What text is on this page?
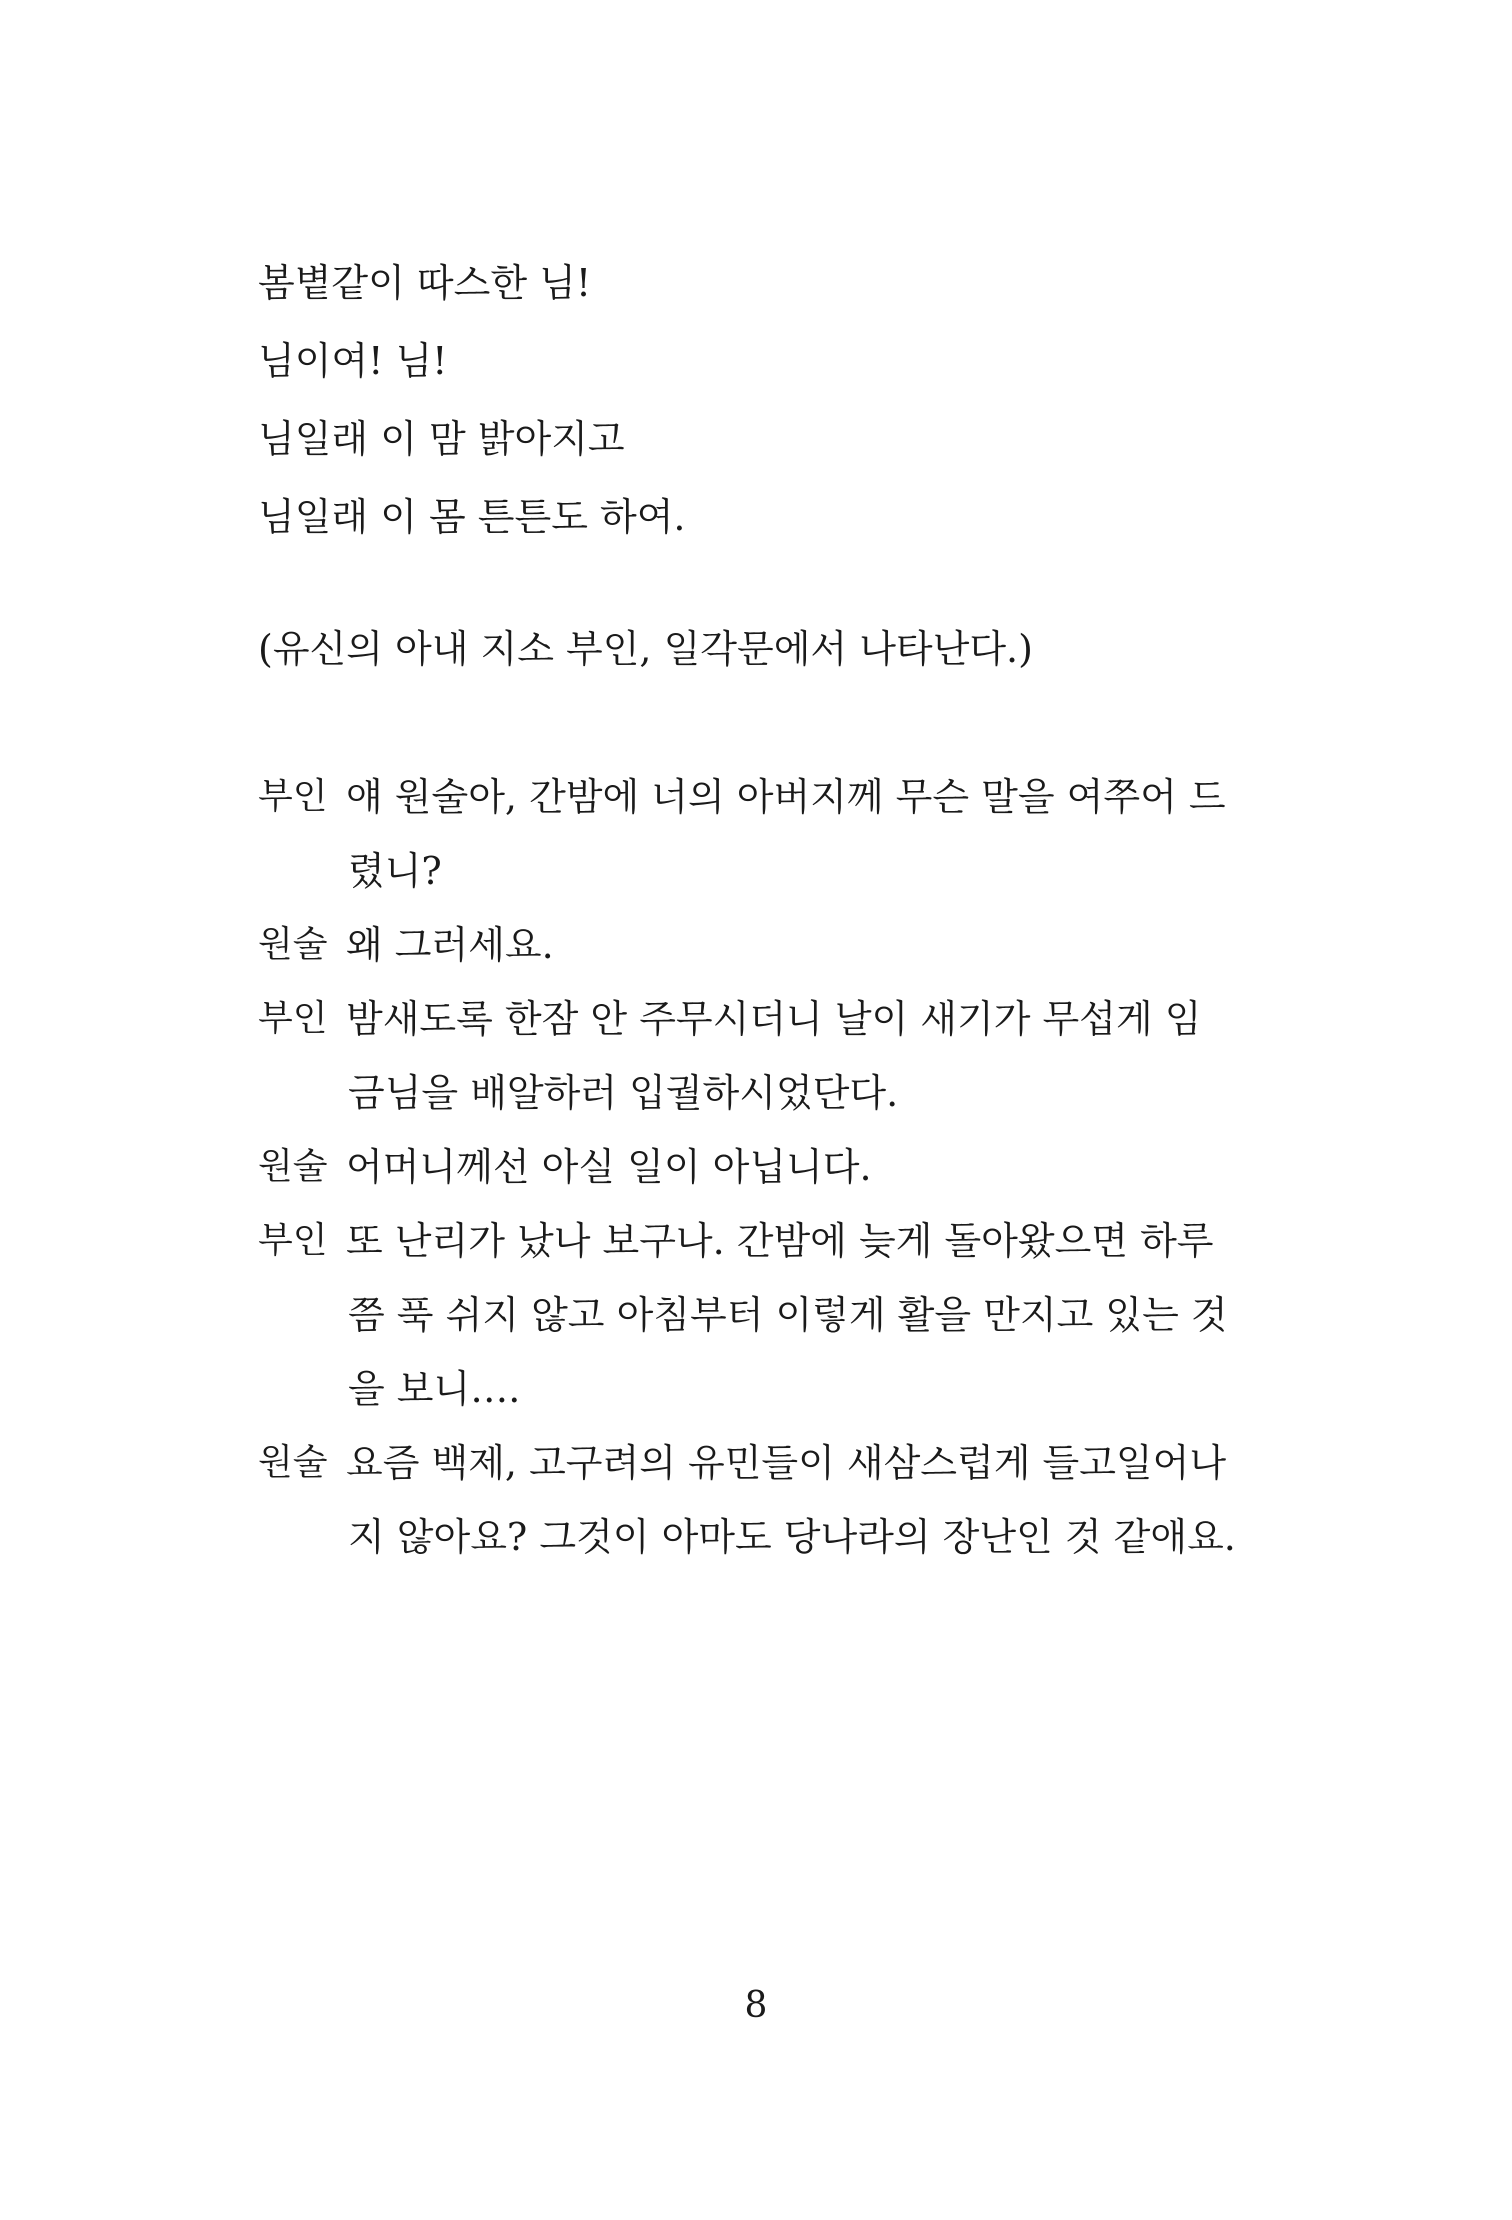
봄볕같이 따스한 님!
님이여! 님!
님일래 이 맘 밝아지고
님일래 이 몸 튼튼도 하여.
(유신의 아내 지소 부인, 일각문에서 나타난다.)
부인 얘 원술아, 간밤에 너의 아버지께 무슨 말을 여쭈어 드
렸니?
원술 왜 그러세요.
부인 밤새도록 한잠 안 주무시더니 날이 새기가 무섭게 임
금님을 배알하러 입궐하시었단다.
원술 어머니께선 아실 일이 아닙니다.
부인 또 난리가 났나 보구나. 간밤에 늦게 돌아왔으면 하루
쯤 푹 쉬지 않고 아침부터 이렇게 활을 만지고 있는 것
을 보니….
원술 요즘 백제, 고구려의 유민들이 새삼스럽게 들고일어나
지 않아요? 그것이 아마도 당나라의 장난인 것 같애요.
8
